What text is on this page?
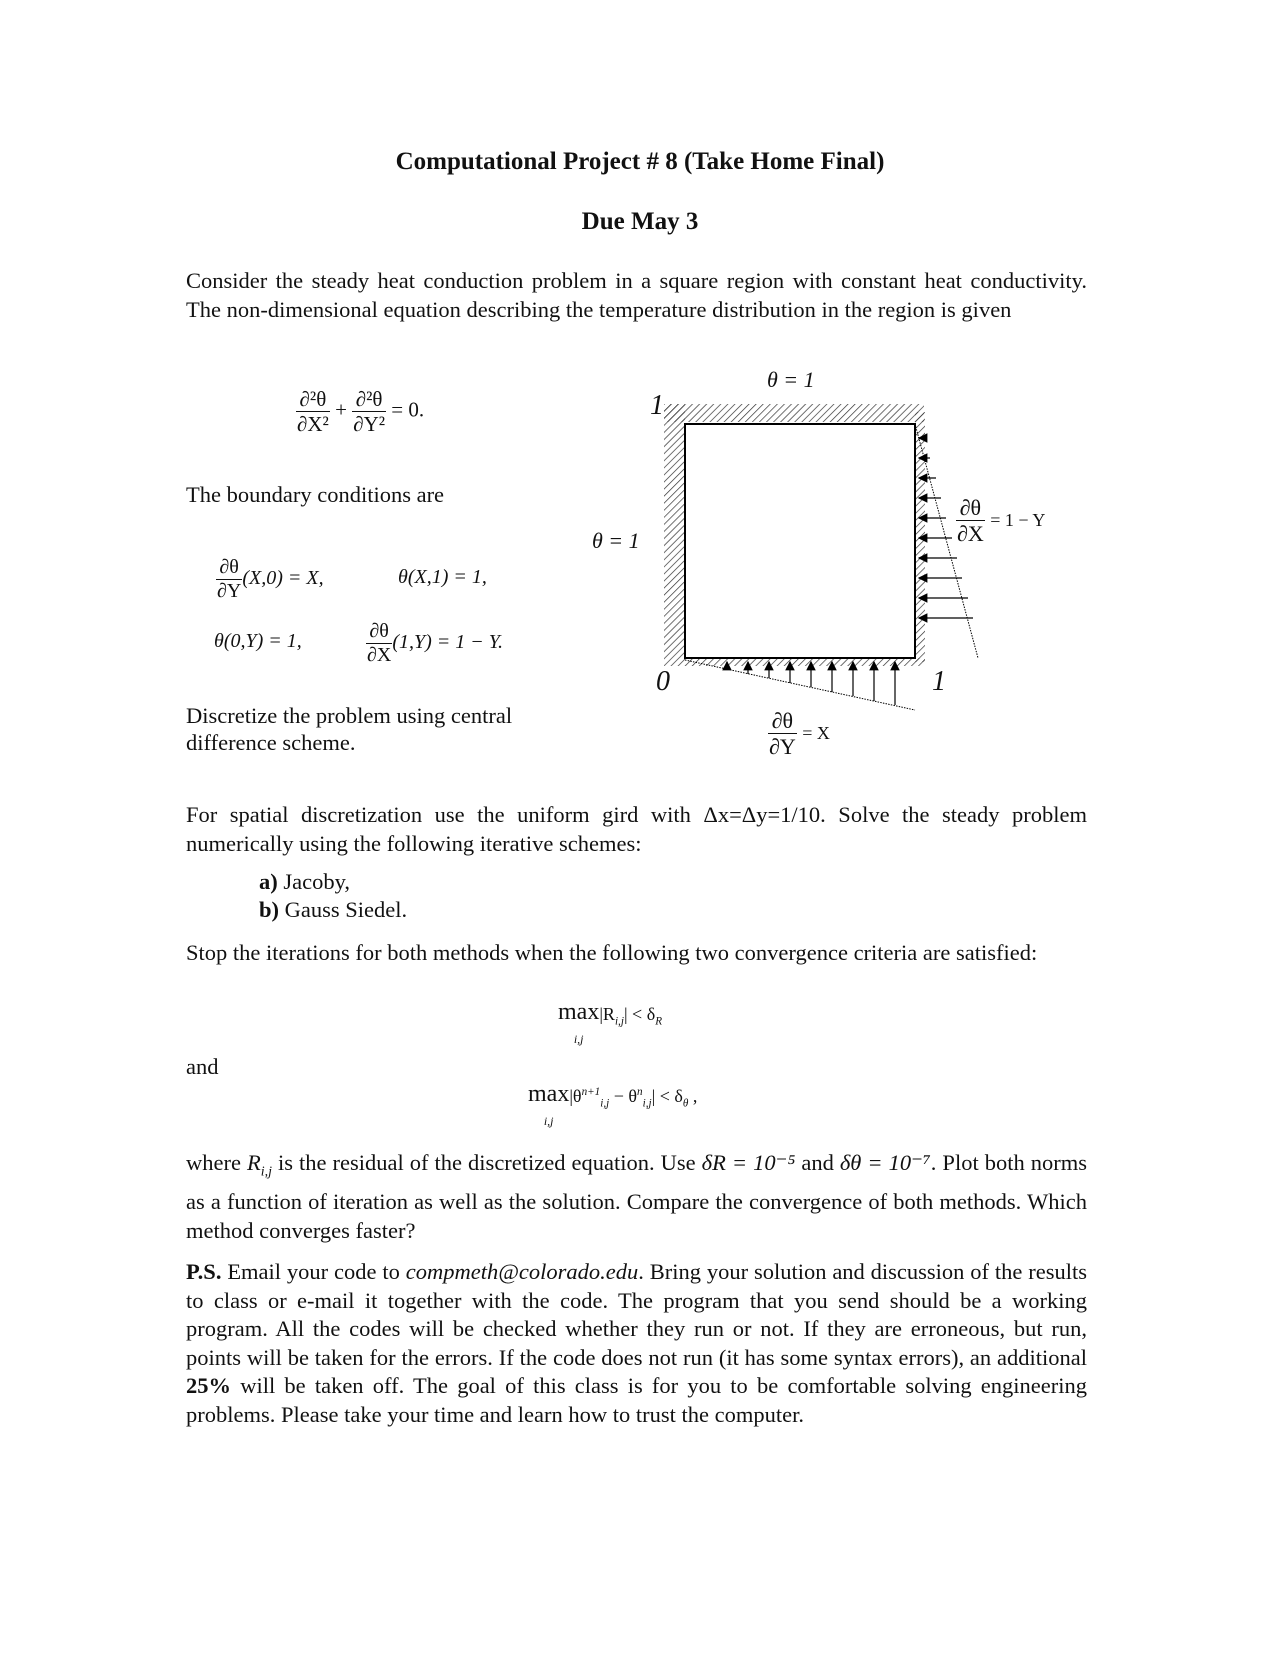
Computational Project # 8 (Take Home Final)
Due May 3
Consider the steady heat conduction problem in a square region with constant heat conductivity. The non-dimensional equation describing the temperature distribution in the region is given
$\frac{\text{∂²θ}}{\text{∂X²}} + \frac{\text{∂²θ}}{\text{∂Y²}} = 0$.
The boundary conditions are
$\frac{\partial\theta}{\partial Y} (X,0) = X$,	θ(X,1) = 1,
θ(0,Y) = 1,	$\frac{\partial\theta}{\partial X} (1,Y) = 1 - Y$.
Discretize the problem using central difference scheme.
θ = 1
θ = 1
1
0	1
$\frac{\partial\theta}{\partial X} = 1 - Y$
$\frac{\partial\theta}{\partial Y} = X$
For spatial discretization use the uniform gird with Δx=Δy=1/10. Solve the steady problem numerically using the following iterative schemes:
a) Jacoby,
b) Gauss Siedel.
Stop the iterations for both methods when the following two convergence criteria are satisfied:
max
$i,j|R_{i,j}| < \delta_R$
and
max
$i,j|\theta^{n+1}_{i,j} - \theta^n_{i,j}| < \delta_\theta$ ,
where $R_{i,j}$ is the residual of the discretized equation. Use δR = 10⁻⁵ and δθ = 10⁻⁷. Plot both norms as a function of iteration as well as the solution. Compare the convergence of both methods. Which method converges faster?
P.S. Email your code to compmeth@colorado.edu. Bring your solution and discussion of the results to class or e-mail it together with the code. The program that you send should be a working program. All the codes will be checked whether they run or not. If they are erroneous, but run, points will be taken for the errors. If the code does not run (it has some syntax errors), an additional 25% will be taken off. The goal of this class is for you to be comfortable solving engineering problems. Please take your time and learn how to trust the computer.
